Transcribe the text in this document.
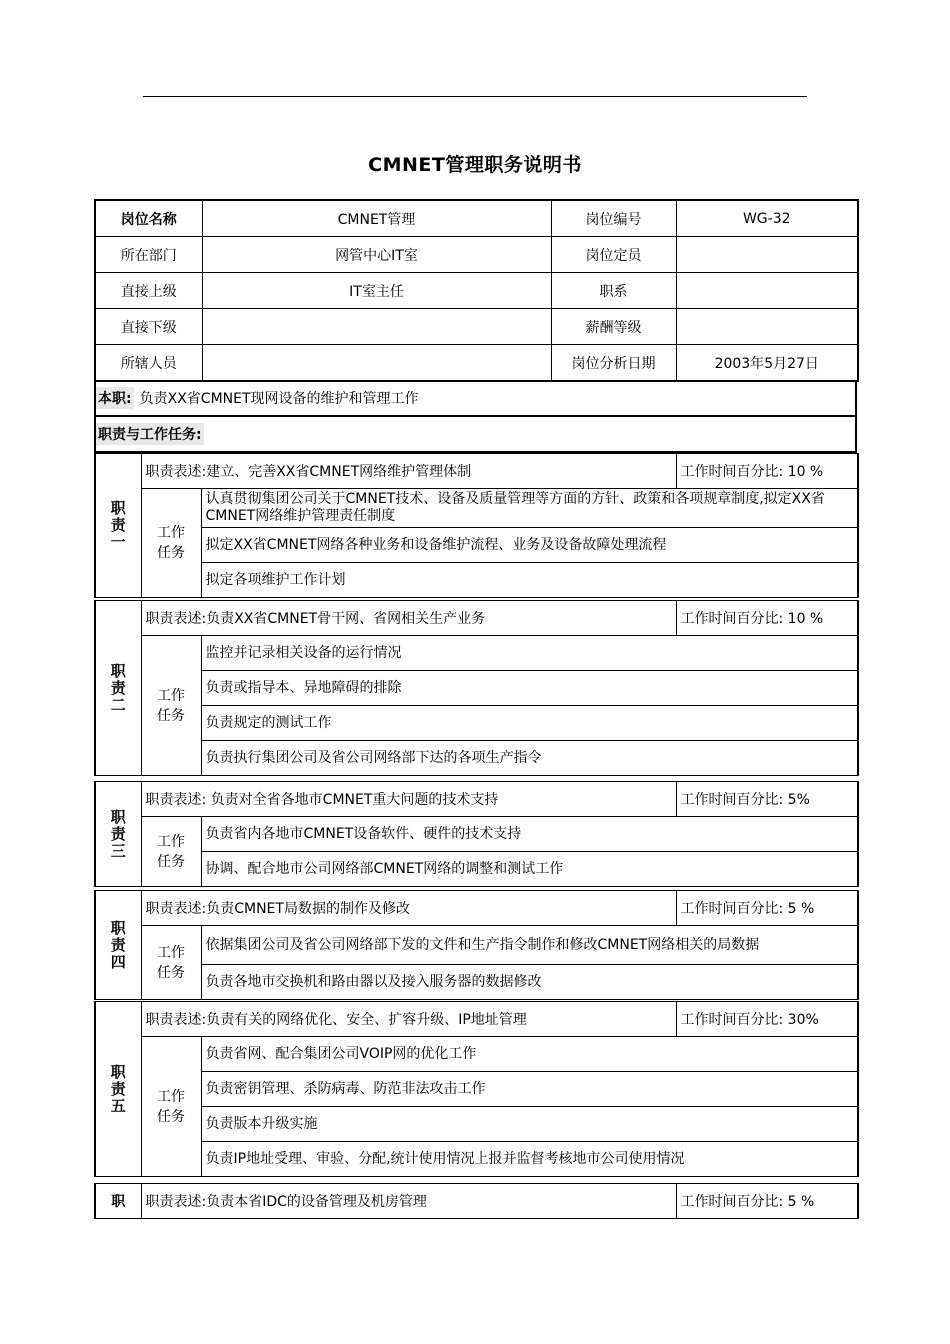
CMNET管理职务说明书
岗位名称	CMNET管理	岗位编号	WG-32
所在部门	网管中心IT室	岗位定员	
直接上级	IT室主任	职系	
直接下级		薪酬等级	
所辖人员		岗位分析日期	2003年5月27日
本职: 负责XX省CMNET现网设备的维护和管理工作
职责与工作任务:
职责一	职责表述:建立、完善XX省CMNET网络维护管理体制		工作时间百分比: 10 %

	工作任务	认真贯彻集团公司关于CMNET技术、设备及质量管理等方面的方针、政策和各项规章制度,拟定XX省CMNET网络维护管理责任制度	
		拟定XX省CMNET网络各种业务和设备维护流程、业务及设备故障处理流程	
		拟定各项维护工作计划	
职责二	职责表述:负责XX省CMNET骨干网、省网相关生产业务		工作时间百分比: 10 %

	工作任务	监控并记录相关设备的运行情况	
		负责或指导本、异地障碍的排除	
		负责规定的测试工作	
		负责执行集团公司及省公司网络部下达的各项生产指令	
职责三	职责表述: 负责对全省各地市CMNET重大问题的技术支持		工作时间百分比: 5%

	工作任务	负责省内各地市CMNET设备软件、硬件的技术支持	
		协调、配合地市公司网络部CMNET网络的调整和测试工作	
职责四	职责表述:负责CMNET局数据的制作及修改		工作时间百分比: 5 %

	工作任务	依据集团公司及省公司网络部下发的文件和生产指令制作和修改CMNET网络相关的局数据	
		负责各地市交换机和路由器以及接入服务器的数据修改	
职责五	职责表述:负责有关的网络优化、安全、扩容升级、IP地址管理		工作时间百分比: 30%

	工作任务	负责省网、配合集团公司VOIP网的优化工作	
		负责密钥管理、杀防病毒、防范非法攻击工作	
		负责版本升级实施	
		负责IP地址受理、审验、分配,统计使用情况上报并监督考核地市公司使用情况	
职	职责表述:负责本省IDC的设备管理及机房管理	工作时间百分比: 5 %
